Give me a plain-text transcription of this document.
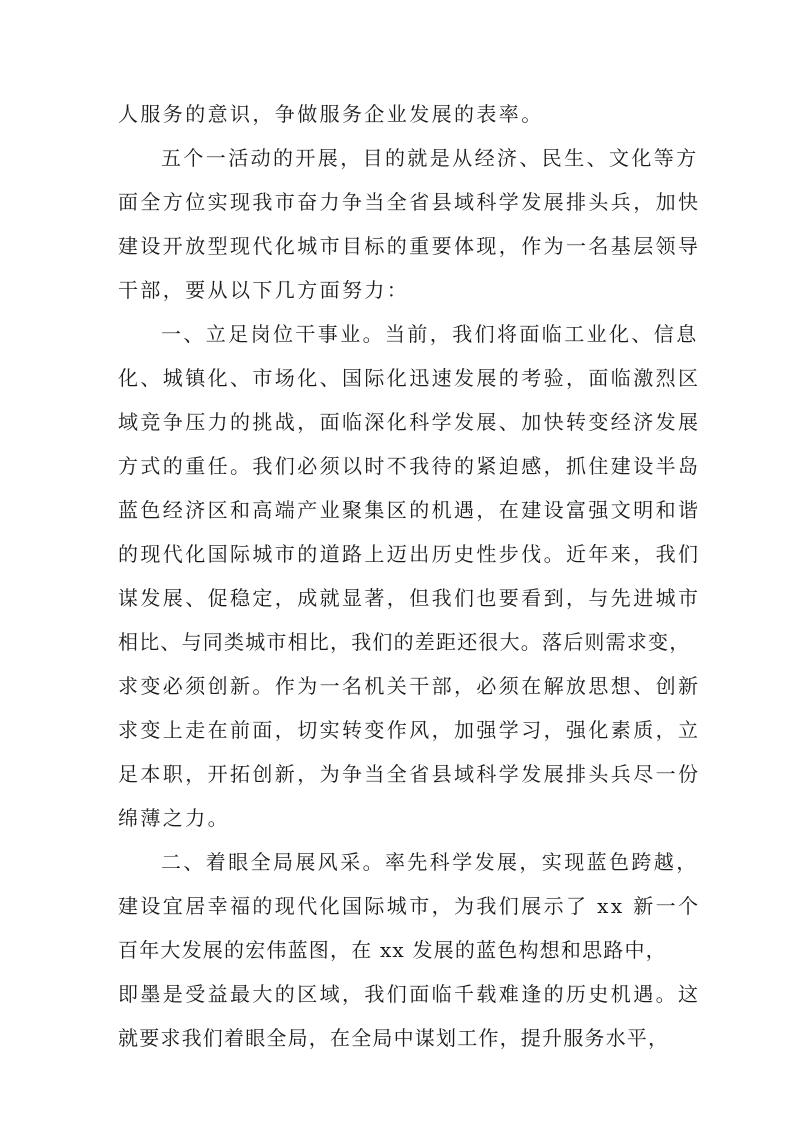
人服务的意识，争做服务企业发展的表率。
五个一活动的开展，目的就是从经济、民生、文化等方
面全方位实现我市奋力争当全省县域科学发展排头兵，加快
建设开放型现代化城市目标的重要体现，作为一名基层领导
干部，要从以下几方面努力：
一、立足岗位干事业。当前，我们将面临工业化、信息
化、城镇化、市场化、国际化迅速发展的考验，面临激烈区
域竞争压力的挑战，面临深化科学发展、加快转变经济发展
方式的重任。我们必须以时不我待的紧迫感，抓住建设半岛
蓝色经济区和高端产业聚集区的机遇，在建设富强文明和谐
的现代化国际城市的道路上迈出历史性步伐。近年来，我们
谋发展、促稳定，成就显著，但我们也要看到，与先进城市
相比、与同类城市相比，我们的差距还很大。落后则需求变，
求变必须创新。作为一名机关干部，必须在解放思想、创新
求变上走在前面，切实转变作风，加强学习，强化素质，立
足本职，开拓创新，为争当全省县域科学发展排头兵尽一份
绵薄之力。
二、着眼全局展风采。率先科学发展，实现蓝色跨越，
建设宜居幸福的现代化国际城市，为我们展示了 xx 新一个
百年大发展的宏伟蓝图，在 xx 发展的蓝色构想和思路中，
即墨是受益最大的区域，我们面临千载难逢的历史机遇。这
就要求我们着眼全局，在全局中谋划工作，提升服务水平，
